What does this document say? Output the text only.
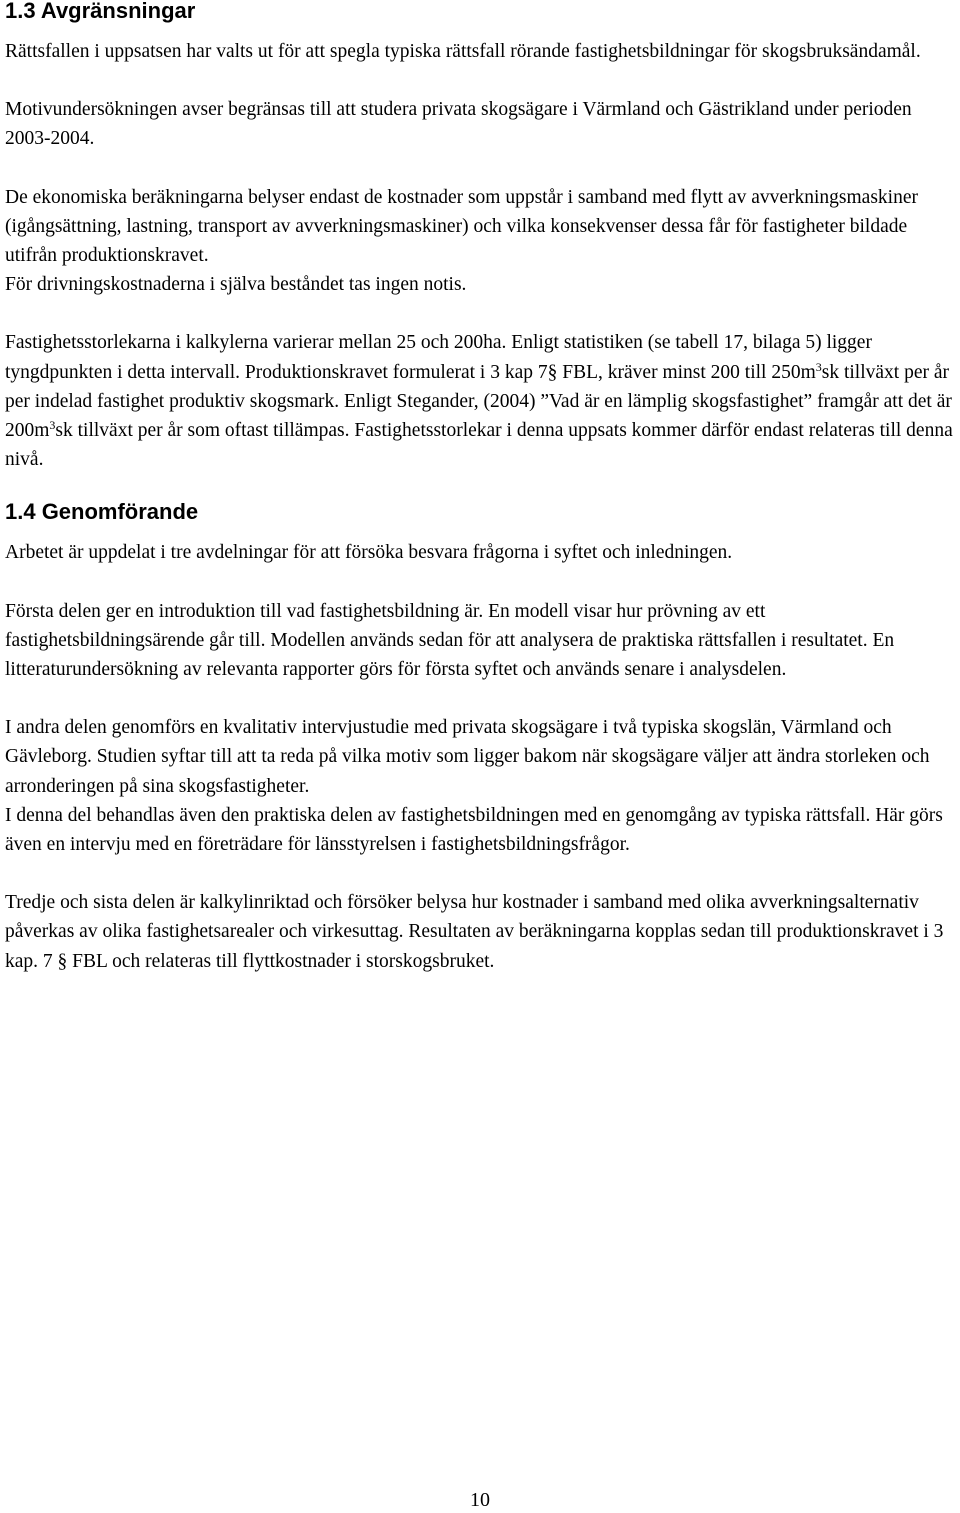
1.3 Avgränsningar

Rättsfallen i uppsatsen har valts ut för att spegla typiska rättsfall rörande fastighetsbildningar för skogsbruksändamål.

Motivundersökningen avser begränsas till att studera privata skogsägare i Värmland och Gästrikland under perioden 2003-2004.

De ekonomiska beräkningarna belyser endast de kostnader som uppstår i samband med flytt av avverkningsmaskiner (igångsättning, lastning, transport av avverkningsmaskiner) och vilka konsekvenser dessa får för fastigheter bildade utifrån produktionskravet.

För drivningskostnaderna i själva beståndet tas ingen notis.

Fastighetsstorlekarna i kalkylerna varierar mellan 25 och 200ha. Enligt statistiken (se tabell 17, bilaga 5) ligger tyngdpunkten i detta intervall. Produktionskravet formulerat i 3 kap 7§ FBL, kräver minst 200 till $250m^3sk$ tillväxt per år per indelad fastighet produktiv skogsmark. Enligt Stegander, (2004) ”Vad är en lämplig skogsfastighet” framgår att det är $200m^3sk$ tillväxt per år som oftast tillämpas. Fastighetsstorlekar i denna uppsats kommer därför endast relateras till denna nivå.

1.4 Genomförande

Arbetet är uppdelat i tre avdelningar för att försöka besvara frågorna i syftet och inledningen.

Första delen ger en introduktion till vad fastighetsbildning är. En modell visar hur prövning av ett fastighetsbildningsärende går till. Modellen används sedan för att analysera de praktiska rättsfallen i resultatet. En litteraturundersökning av relevanta rapporter görs för första syftet och används senare i analysdelen.

I andra delen genomförs en kvalitativ intervjustudie med privata skogsägare i två typiska skogslän, Värmland och Gävleborg. Studien syftar till att ta reda på vilka motiv som ligger bakom när skogsägare väljer att ändra storleken och arronderingen på sina skogsfastigheter.

I denna del behandlas även den praktiska delen av fastighetsbildningen med en genomgång av typiska rättsfall. Här görs även en intervju med en företrädare för länsstyrelsen i fastighetsbildningsfrågor.

Tredje och sista delen är kalkylinriktad och försöker belysa hur kostnader i samband med olika avverkningsalternativ påverkas av olika fastighetsarealer och virkesuttag. Resultaten av beräkningarna kopplas sedan till produktionskravet i 3 kap. 7 § FBL och relateras till flyttkostnader i storskogsbruket.

10
